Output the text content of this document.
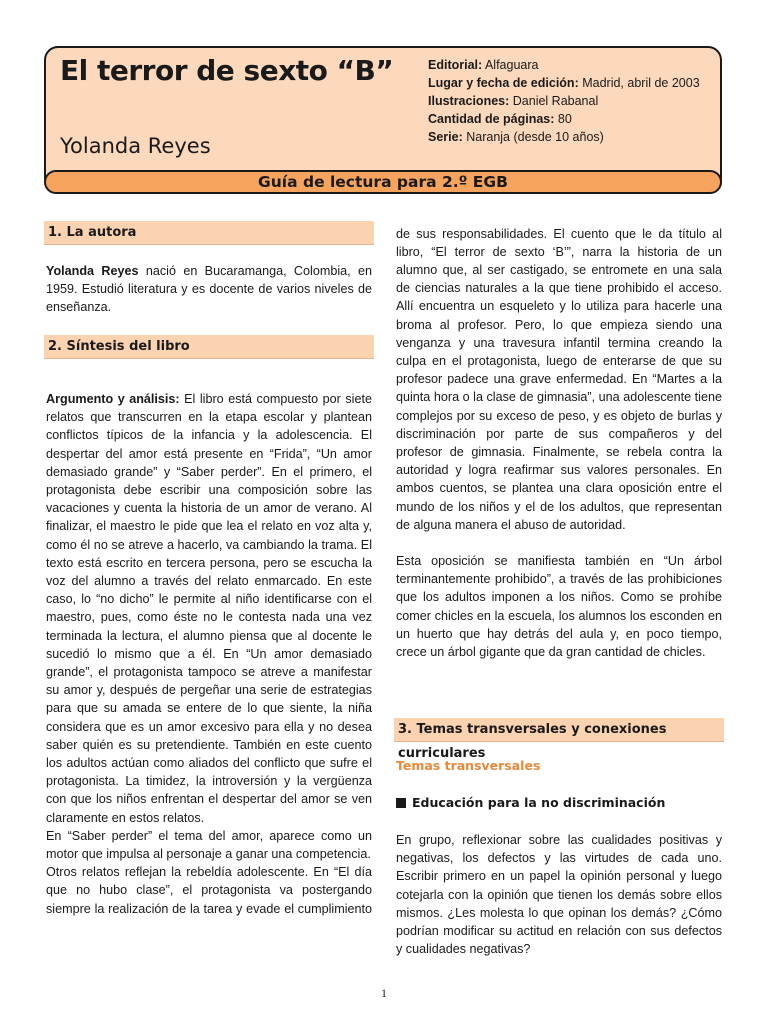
El terror de sexto “B”
Yolanda Reyes
Editorial: Alfaguara
Lugar y fecha de edición: Madrid, abril de 2003
Ilustraciones: Daniel Rabanal
Cantidad de páginas: 80
Serie: Naranja (desde 10 años)
Guía de lectura para 2.º EGB
1. La autora

Yolanda Reyes nació en Bucaramanga, Colombia, en 1959. Estudió literatura y es docente de varios niveles de enseñanza.

2. Síntesis del libro

Argumento y análisis: El libro está compuesto por siete relatos que transcurren en la etapa escolar y plantean conflictos típicos de la infancia y la adolescencia. El despertar del amor está presente en “Frida”, “Un amor demasiado grande” y “Saber perder”. En el primero, el protagonista debe escribir una composición sobre las vacaciones y cuenta la historia de un amor de verano. Al finalizar, el maestro le pide que lea el relato en voz alta y, como él no se atreve a hacerlo, va cambiando la trama. El texto está escrito en tercera persona, pero se escucha la voz del alumno a través del relato enmarcado. En este caso, lo “no dicho” le permite al niño identificarse con el maestro, pues, como éste no le contesta nada una vez terminada la lectura, el alumno piensa que al docente le sucedió lo mismo que a él. En “Un amor demasiado grande”, el protagonista tampoco se atreve a manifestar su amor y, después de pergeñar una serie de estrategias para que su amada se entere de lo que siente, la niña considera que es un amor excesivo para ella y no desea saber quién es su pretendiente. También en este cuento los adultos actúan como aliados del conflicto que sufre el protagonista. La timidez, la introversión y la vergüenza con que los niños enfrentan el despertar del amor se ven claramente en estos relatos.

En “Saber perder” el tema del amor, aparece como un motor que impulsa al personaje a ganar una competencia.

Otros relatos reflejan la rebeldía adolescente. En “El día que no hubo clase”, el protagonista va postergando siempre la realización de la tarea y evade el cumplimiento

de sus responsabilidades. El cuento que le da título al libro, “El terror de sexto ‘B’”, narra la historia de un alumno que, al ser castigado, se entromete en una sala de ciencias naturales a la que tiene prohibido el acceso. Allí encuentra un esqueleto y lo utiliza para hacerle una broma al profesor. Pero, lo que empieza siendo una venganza y una travesura infantil termina creando la culpa en el protagonista, luego de enterarse de que su profesor padece una grave enfermedad. En “Martes a la quinta hora o la clase de gimnasia”, una adolescente tiene complejos por su exceso de peso, y es objeto de burlas y discriminación por parte de sus compañeros y del profesor de gimnasia. Finalmente, se rebela contra la autoridad y logra reafirmar sus valores personales. En ambos cuentos, se plantea una clara oposición entre el mundo de los niños y el de los adultos, que representan de alguna manera el abuso de autoridad.

Esta oposición se manifiesta también en “Un árbol terminantemente prohibido”, a través de las prohibiciones que los adultos imponen a los niños. Como se prohíbe comer chicles en la escuela, los alumnos los esconden en un huerto que hay detrás del aula y, en poco tiempo, crece un árbol gigante que da gran cantidad de chicles.

3. Temas transversales y conexiones curriculares
Temas transversales
Educación para la no discriminación

En grupo, reflexionar sobre las cualidades positivas y negativas, los defectos y las virtudes de cada uno. Escribir primero en un papel la opinión personal y luego cotejarla con la opinión que tienen los demás sobre ellos mismos. ¿Les molesta lo que opinan los demás? ¿Cómo podrían modificar su actitud en relación con sus defectos y cualidades negativas?

1
